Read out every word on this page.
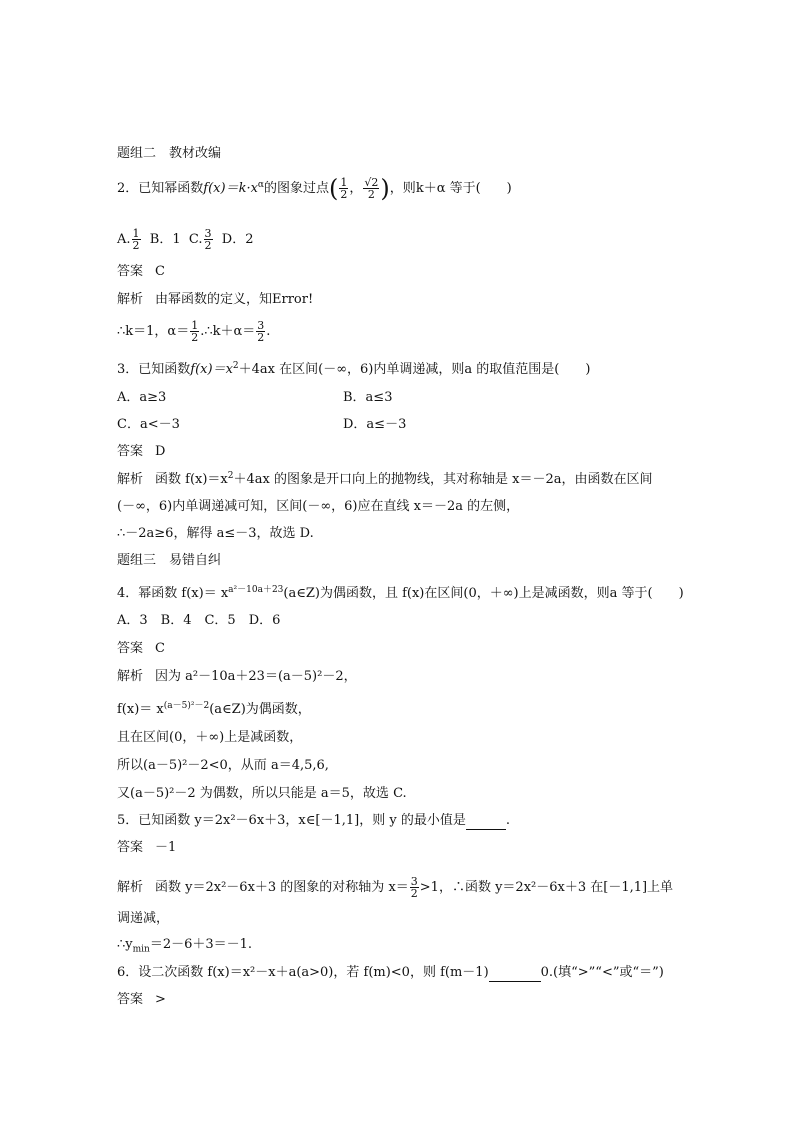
题组二　教材改编
2．已知幂函数$f(x)=k\cdot x^\alpha$的图象过点( $\frac{1}{2}$ ， $\frac{√2}{2}$ )，则k＋α 等于(　　)
A. $\frac{1}{2}$ B．1 C. $\frac{3}{2}$ D．2
答案 C
解析 由幂函数的定义，知Error!
∴k＝1，$\alpha= \frac{1}{2}$ .∴k＋α＝ $\frac{3}{2}$ .
3．已知函数$f(x)=x^2+4ax$ 在区间(－∞，6)内单调递减，则a 的取值范围是(　　)
A．a≥3	B．a≤3
C．a<－3	D．a≤－3
答案 D
解析 函数 $f(x)=x^2+4ax$ 的图象是开口向上的抛物线，其对称轴是 x＝－2a，由函数在区间
(－∞，6)内单调递减可知，区间(－∞，6)应在直线 x＝－2a 的左侧，
∴－2a≥6，解得 a≤－3，故选 D.
题组三　易错自纠
4．幂函数 $f(x)= x^{a^2-10a+23}(a\in Z)$为偶函数，且 f(x)在区间(0，＋∞)上是减函数，则a 等于(　　)
A．3　B．4　C．5　D．6
答案 C
解析 因为 a²－10a＋23＝(a－5)²－2，
$f(x)= x^{(a-5)^2-2}(a\in Z)$为偶函数，
且在区间(0，＋∞)上是减函数，
所以(a－5)²－2<0，从而 a＝4,5,6,
又(a－5)²－2 为偶数，所以只能是 a＝5，故选 C.
5．已知函数 y＝2x²－6x＋3，x∈[－1,1]，则 y 的最小值是	.
答案 －1
解析 函数 y＝2x²－6x＋3 的图象的对称轴为 $x= \frac{3}{2} >1$，∴函数 y＝2x²－6x＋3 在[－1,1]上单
调递减，
$\therefore y_{min}=2-6+3=-1$.
6．设二次函数 f(x)＝x²－x＋a(a>0)，若 f(m)<0，则 f(m－1)	0.(填“>”“<”或“＝”)
答案 >
